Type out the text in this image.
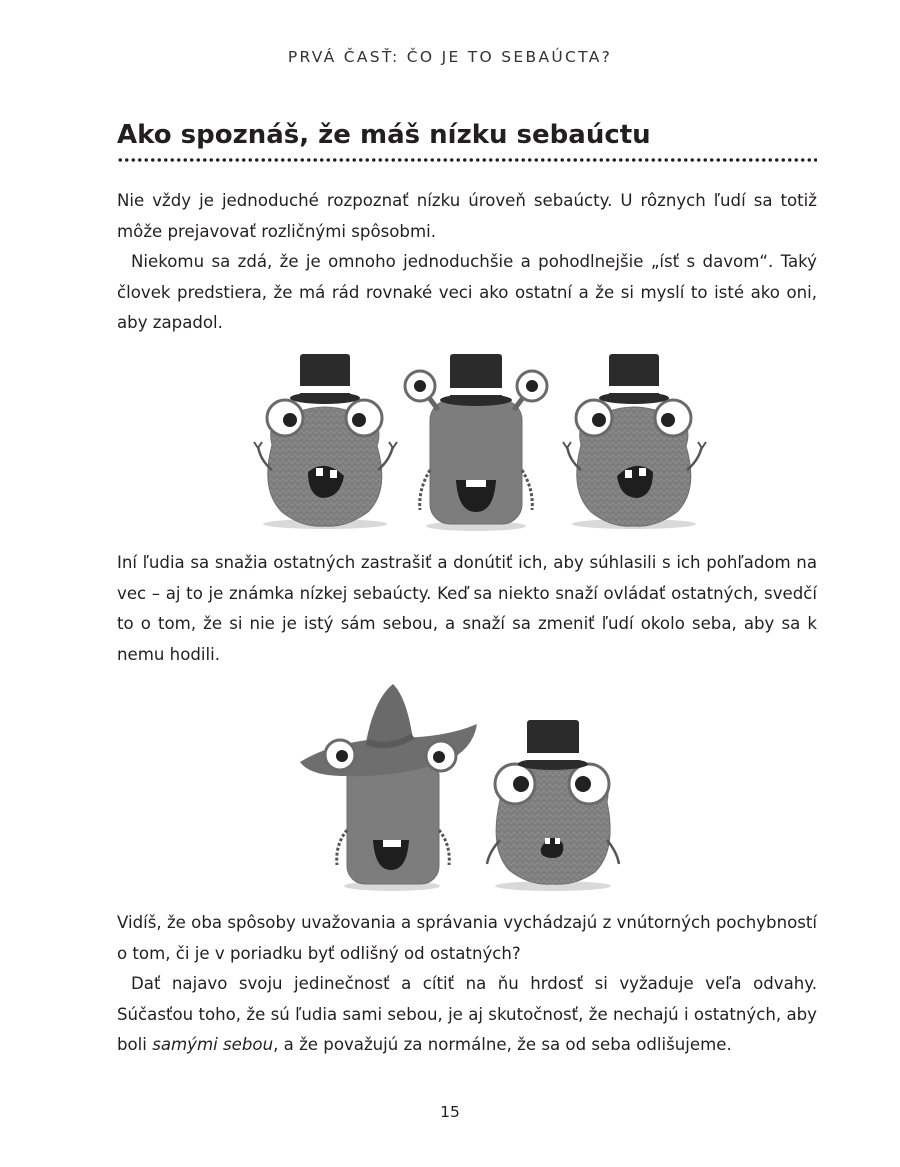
PRVÁ ČASŤ: ČO JE TO SEBAÚCTA?
Ako spoznáš, že máš nízku sebaúctu

Nie vždy je jednoduché rozpoznať nízku úroveň sebaúcty. U rôznych ľudí sa totiž môže prejavovať rozličnými spôsobmi.

Niekomu sa zdá, že je omnoho jednoduchšie a pohodlnejšie „ísť s davom“. Taký človek predstiera, že má rád rovnaké veci ako ostatní a že si myslí to isté ako oni, aby zapadol.

Iní ľudia sa snažia ostatných zastrašiť a donútiť ich, aby súhlasili s ich pohľadom na vec – aj to je známka nízkej sebaúcty. Keď sa niekto snaží ovládať ostatných, svedčí to o tom, že si nie je istý sám sebou, a snaží sa zmeniť ľudí okolo seba, aby sa k nemu hodili.

Vidíš, že oba spôsoby uvažovania a správania vychádzajú z vnútorných pochybností o tom, či je v poriadku byť odlišný od ostatných?

Dať najavo svoju jedinečnosť a cítiť na ňu hrdosť si vyžaduje veľa odvahy. Súčasťou toho, že sú ľudia sami sebou, je aj skutočnosť, že nechajú i ostatných, aby boli samými sebou, a že považujú za normálne, že sa od seba odlišujeme.

15
